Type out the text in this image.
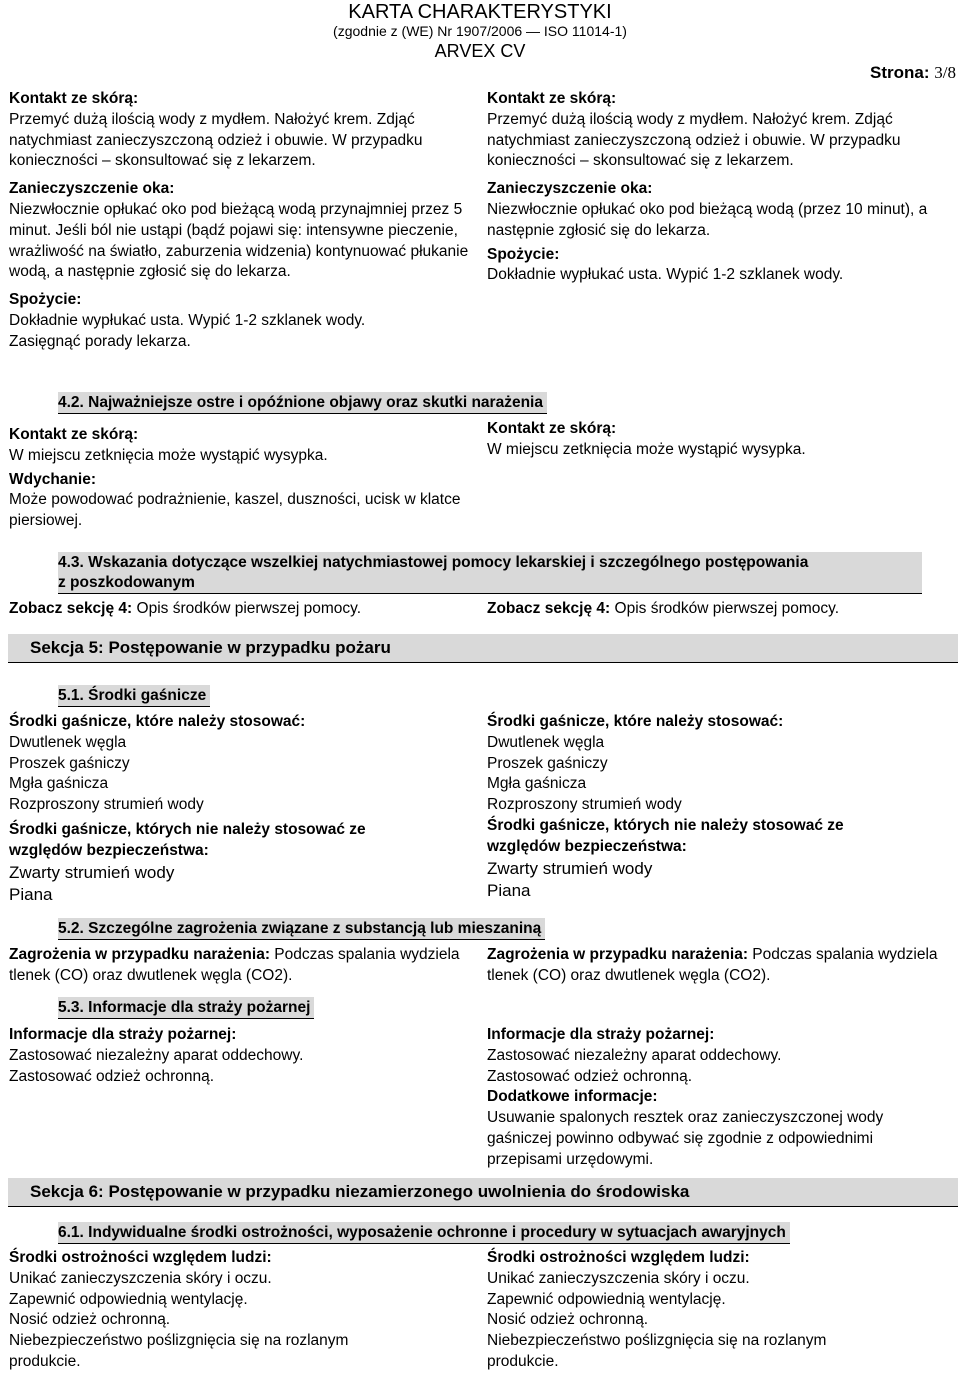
KARTA CHARAKTERYSTYKI
(zgodnie z (WE) Nr 1907/2006 — ISO 11014-1)
ARVEX CV
Strona: 3/8

Kontakt ze skórą:

Przemyć dużą ilością wody z mydłem. Nałożyć krem. Zdjąć natychmiast zanieczyszczoną odzież i obuwie. W przypadku konieczności – skonsultować się z lekarzem.

Zanieczyszczenie oka:

Niezwłocznie opłukać oko pod bieżącą wodą przynajmniej przez 5 minut. Jeśli ból nie ustąpi (bądź pojawi się: intensywne pieczenie, wrażliwość na światło, zaburzenia widzenia) kontynuować płukanie wodą, a następnie zgłosić się do lekarza.

Spożycie:

Dokładnie wypłukać usta. Wypić 1-2 szklanek wody.

Zasięgnąć porady lekarza.

Kontakt ze skórą:

Przemyć dużą ilością wody z mydłem. Nałożyć krem. Zdjąć natychmiast zanieczyszczoną odzież i obuwie. W przypadku konieczności – skonsultować się z lekarzem.

Zanieczyszczenie oka:

Niezwłocznie opłukać oko pod bieżącą wodą (przez 10 minut), a następnie zgłosić się do lekarza.

Spożycie:

Dokładnie wypłukać usta. Wypić 1-2 szklanek wody.

4.2. Najważniejsze ostre i opóźnione objawy oraz skutki narażenia

Kontakt ze skórą:

W miejscu zetknięcia może wystąpić wysypka.

Wdychanie:

Może powodować podrażnienie, kaszel, duszności, ucisk w klatce piersiowej.

Kontakt ze skórą:

W miejscu zetknięcia może wystąpić wysypka.

4.3. Wskazania dotyczące wszelkiej natychmiastowej pomocy lekarskiej i szczególnego postępowania
z poszkodowanym

Zobacz sekcję 4: Opis środków pierwszej pomocy.	Zobacz sekcję 4: Opis środków pierwszej pomocy.

Sekcja 5: Postępowanie w przypadku pożaru
5.1. Środki gaśnicze

Środki gaśnicze, które należy stosować:

Dwutlenek węgla

Proszek gaśniczy

Mgła gaśnicza

Rozproszony strumień wody

Środki gaśnicze, których nie należy stosować ze względów bezpieczeństwa:

Zwarty strumień wody

Piana

Środki gaśnicze, które należy stosować:

Dwutlenek węgla

Proszek gaśniczy

Mgła gaśnicza

Rozproszony strumień wody

Środki gaśnicze, których nie należy stosować ze względów bezpieczeństwa:

Zwarty strumień wody

Piana

5.2. Szczególne zagrożenia związane z substancją lub mieszaniną

Zagrożenia w przypadku narażenia: Podczas spalania wydziela tlenek (CO) oraz dwutlenek węgla (CO2).

Zagrożenia w przypadku narażenia: Podczas spalania wydziela tlenek (CO) oraz dwutlenek węgla (CO2).

5.3. Informacje dla straży pożarnej

Informacje dla straży pożarnej:

Zastosować niezależny aparat oddechowy.

Zastosować odzież ochronną.

Informacje dla straży pożarnej:

Zastosować niezależny aparat oddechowy.

Zastosować odzież ochronną.

Dodatkowe informacje:

Usuwanie spalonych resztek oraz zanieczyszczonej wody gaśniczej powinno odbywać się zgodnie z odpowiednimi przepisami urzędowymi.

Sekcja 6: Postępowanie w przypadku niezamierzonego uwolnienia do środowiska
6.1. Indywidualne środki ostrożności, wyposażenie ochronne i procedury w sytuacjach awaryjnych

Środki ostrożności względem ludzi:

Unikać zanieczyszczenia skóry i oczu.

Zapewnić odpowiednią wentylację.

Nosić odzież ochronną.

Niebezpieczeństwo poślizgnięcia się na rozlanym produkcie.

Środki ostrożności względem ludzi:

Unikać zanieczyszczenia skóry i oczu.

Zapewnić odpowiednią wentylację.

Nosić odzież ochronną.

Niebezpieczeństwo poślizgnięcia się na rozlanym produkcie.
